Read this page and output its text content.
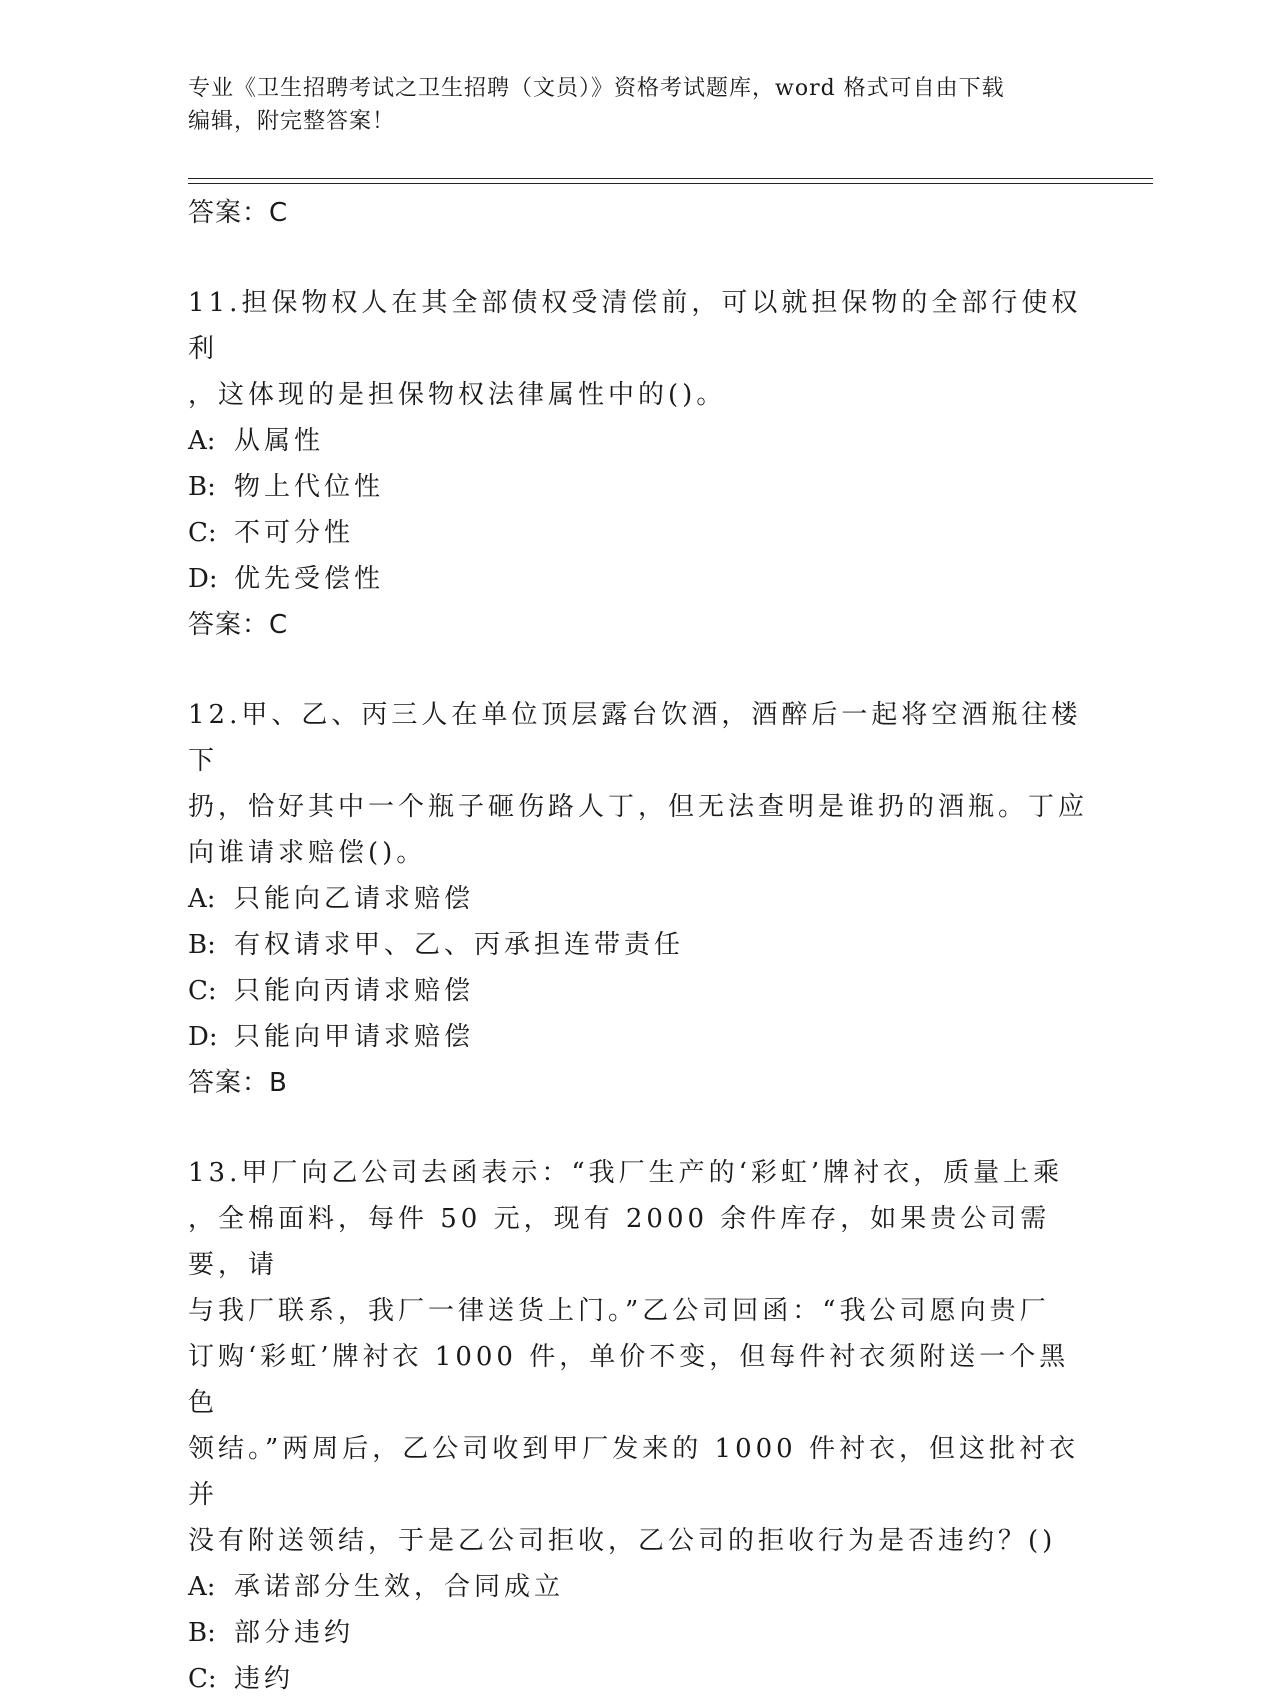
专业《卫生招聘考试之卫生招聘（文员）》资格考试题库，word 格式可自由下载
编辑，附完整答案！
答案：C

11.担保物权人在其全部债权受清偿前，可以就担保物的全部行使权利
，这体现的是担保物权法律属性中的()。

A: 从属性
B: 物上代位性
C: 不可分性
D: 优先受偿性
答案：C

12.甲、乙、丙三人在单位顶层露台饮酒，酒醉后一起将空酒瓶往楼下
扔，恰好其中一个瓶子砸伤路人丁，但无法查明是谁扔的酒瓶。丁应
向谁请求赔偿()。

A: 只能向乙请求赔偿
B: 有权请求甲、乙、丙承担连带责任
C: 只能向丙请求赔偿
D: 只能向甲请求赔偿
答案：B

13.甲厂向乙公司去函表示：“我厂生产的‘彩虹’牌衬衣，质量上乘
，全棉面料，每件 50 元，现有 2000 余件库存，如果贵公司需要，请
与我厂联系，我厂一律送货上门。”乙公司回函：“我公司愿向贵厂
订购‘彩虹’牌衬衣 1000 件，单价不变，但每件衬衣须附送一个黑色
领结。”两周后，乙公司收到甲厂发来的 1000 件衬衣，但这批衬衣并
没有附送领结，于是乙公司拒收，乙公司的拒收行为是否违约？()

A: 承诺部分生效，合同成立
B: 部分违约
C: 违约
